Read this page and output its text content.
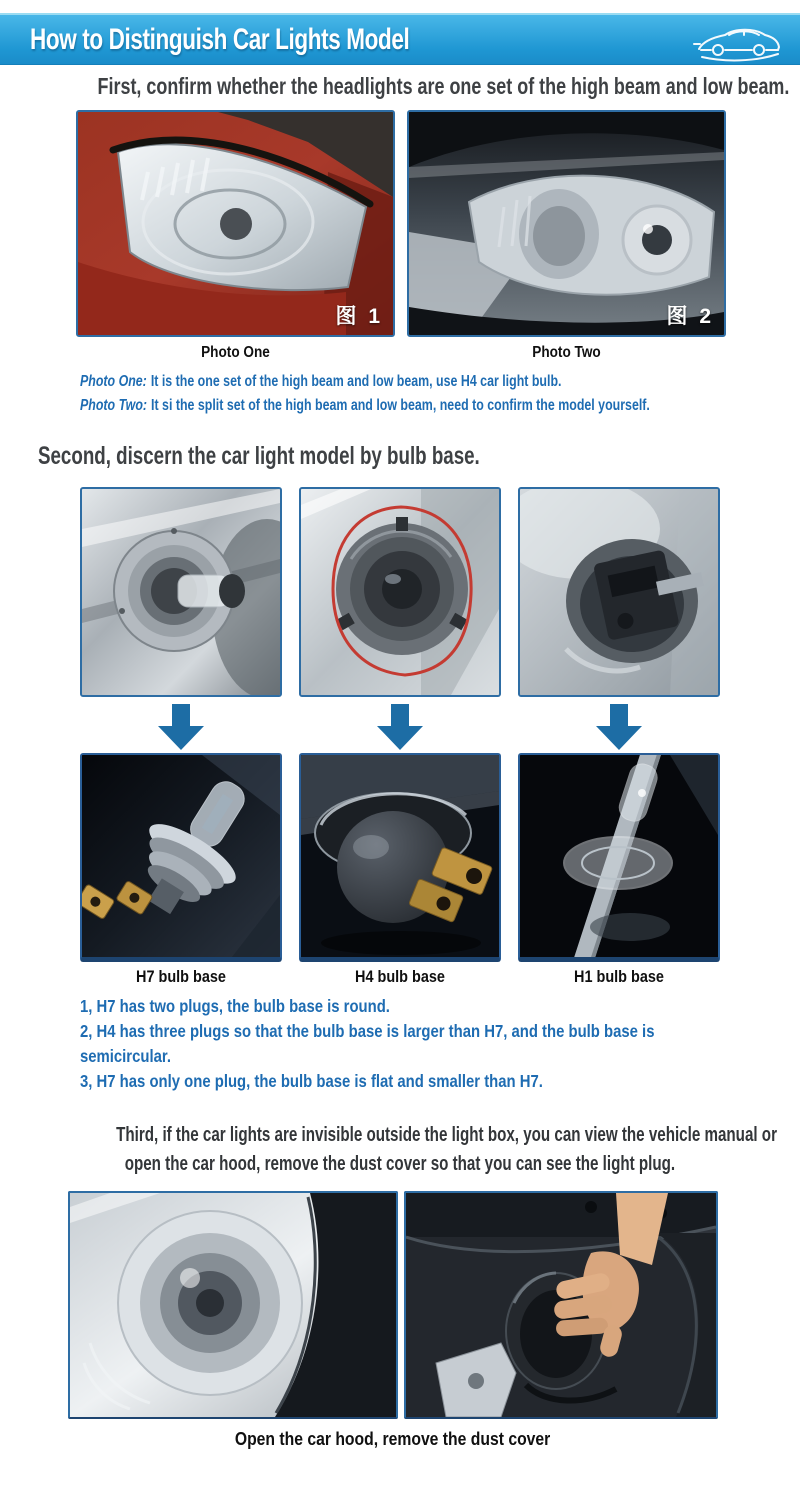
How to Distinguish Car Lights Model
First, confirm whether the headlights are one set of the high beam and low beam.
图 1	图 2
Photo One	Photo Two
Photo One: It is the one set of the high beam and low beam, use H4 car light bulb.
Photo Two: It si the split set of the high beam and low beam, need to confirm the model yourself.
Second, discern the car light model by bulb base.
H7 bulb base	H4 bulb base	H1 bulb base
1, H7 has two plugs, the bulb base is round.
2, H4 has three plugs so that the bulb base is larger than H7, and the bulb base is semicircular.
3, H7 has only one plug, the bulb base is flat and smaller than H7.
Third, if the car lights are invisible outside the light box, you can view the vehicle manual or
open the car hood, remove the dust cover so that you can see the light plug.
Open the car hood, remove the dust cover
